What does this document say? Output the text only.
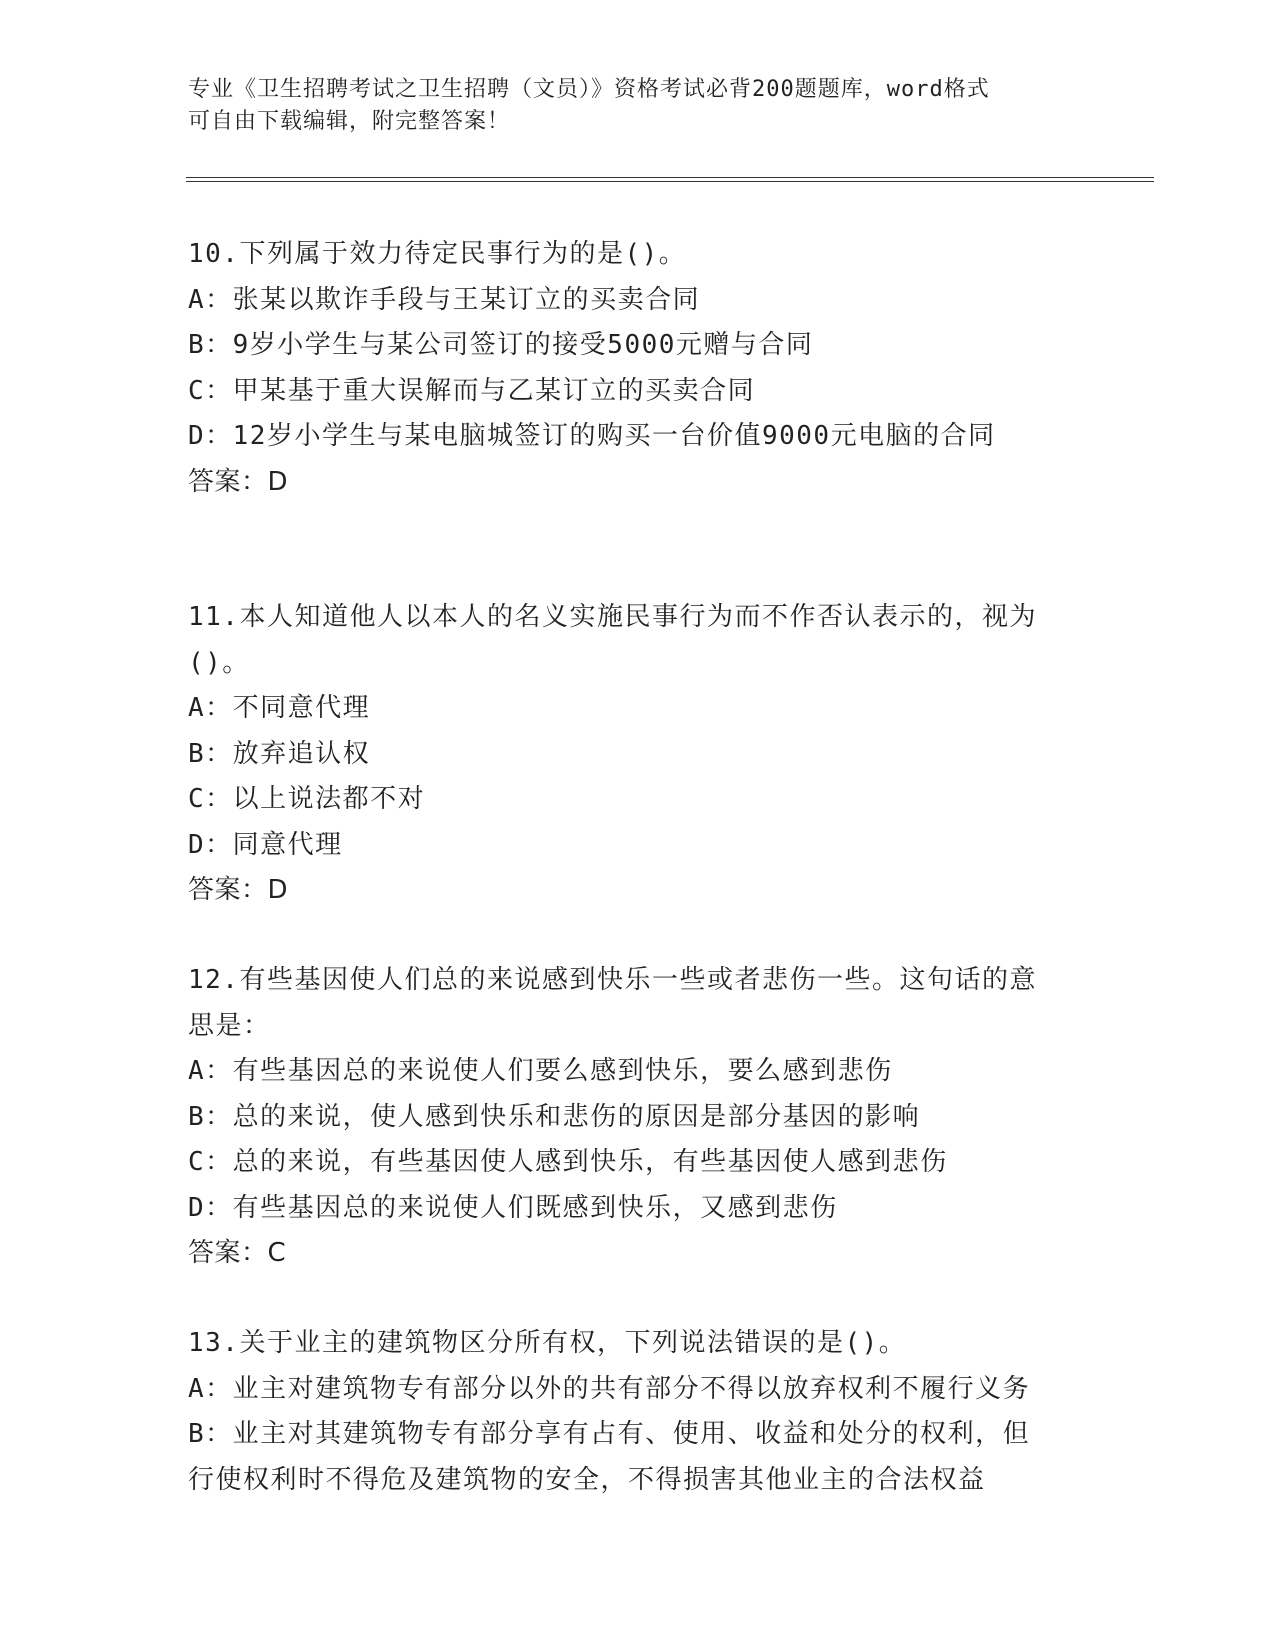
专业《卫生招聘考试之卫生招聘（文员）》资格考试必背200题题库，word格式
可自由下载编辑，附完整答案！
10.下列属于效力待定民事行为的是()。
A：张某以欺诈手段与王某订立的买卖合同
B：9岁小学生与某公司签订的接受5000元赠与合同
C：甲某基于重大误解而与乙某订立的买卖合同
D：12岁小学生与某电脑城签订的购买一台价值9000元电脑的合同
答案：D
11.本人知道他人以本人的名义实施民事行为而不作否认表示的，视为
()。
A：不同意代理
B：放弃追认权
C：以上说法都不对
D：同意代理
答案：D
12.有些基因使人们总的来说感到快乐一些或者悲伤一些。这句话的意
思是：
A：有些基因总的来说使人们要么感到快乐，要么感到悲伤
B：总的来说，使人感到快乐和悲伤的原因是部分基因的影响
C：总的来说，有些基因使人感到快乐，有些基因使人感到悲伤
D：有些基因总的来说使人们既感到快乐，又感到悲伤
答案：C
13.关于业主的建筑物区分所有权，下列说法错误的是()。
A：业主对建筑物专有部分以外的共有部分不得以放弃权利不履行义务
B：业主对其建筑物专有部分享有占有、使用、收益和处分的权利，但
行使权利时不得危及建筑物的安全，不得损害其他业主的合法权益
